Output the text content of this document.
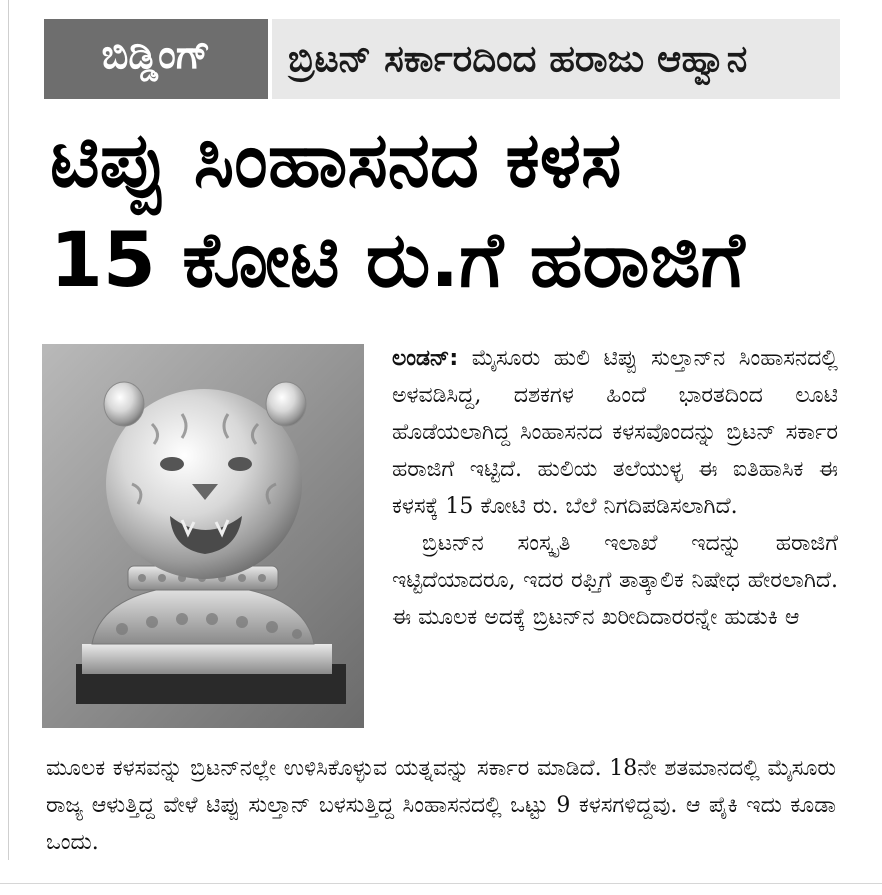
ಬಿಡ್ಡಿಂಗ್	ಬ್ರಿಟನ್ ಸರ್ಕಾರದಿಂದ ಹರಾಜು ಆಹ್ವಾನ
ಟಿಪ್ಪು ಸಿಂಹಾಸನದ ಕಳಸ
15 ಕೋಟಿ ರು.ಗೆ ಹರಾಜಿಗೆ

ಲಂಡನ್: ಮೈಸೂರು ಹುಲಿ ಟಿಪ್ಪು ಸುಲ್ತಾನ್‌ನ ಸಿಂಹಾಸನದಲ್ಲಿ ಅಳವಡಿಸಿದ್ದ, ದಶಕಗಳ ಹಿಂದೆ ಭಾರತದಿಂದ ಲೂಟಿ ಹೊಡೆಯಲಾಗಿದ್ದ ಸಿಂಹಾಸನದ ಕಳಸವೊಂದನ್ನು ಬ್ರಿಟನ್ ಸರ್ಕಾರ ಹರಾಜಿಗೆ ಇಟ್ಟಿದೆ. ಹುಲಿಯ ತಲೆಯುಳ್ಳ ಈ ಐತಿಹಾಸಿಕ ಈ ಕಳಸಕ್ಕೆ 15 ಕೋಟಿ ರು. ಬೆಲೆ ನಿಗದಿಪಡಿಸಲಾಗಿದೆ.

ಬ್ರಿಟನ್‌ನ ಸಂಸ್ಕೃತಿ ಇಲಾಖೆ ಇದನ್ನು ಹರಾಜಿಗೆ ಇಟ್ಟಿದೆಯಾದರೂ, ಇದರ ರಫ್ತಿಗೆ ತಾತ್ಕಾಲಿಕ ನಿಷೇಧ ಹೇರಲಾಗಿದೆ. ಈ ಮೂಲಕ ಅದಕ್ಕೆ ಬ್ರಿಟನ್‌ನ ಖರೀದಿದಾರರನ್ನೇ ಹುಡುಕಿ ಆ

ಮೂಲಕ ಕಳಸವನ್ನು ಬ್ರಿಟನ್‌ನಲ್ಲೇ ಉಳಿಸಿಕೊಳ್ಳುವ ಯತ್ನವನ್ನು ಸರ್ಕಾರ ಮಾಡಿದೆ. 18ನೇ ಶತಮಾನದಲ್ಲಿ ಮೈಸೂರು ರಾಜ್ಯ ಆಳುತ್ತಿದ್ದ ವೇಳೆ ಟಿಪ್ಪು ಸುಲ್ತಾನ್ ಬಳಸುತ್ತಿದ್ದ ಸಿಂಹಾಸನದಲ್ಲಿ ಒಟ್ಟು 9 ಕಳಸಗಳಿದ್ದವು. ಆ ಪೈಕಿ ಇದು ಕೂಡಾ ಒಂದು.
